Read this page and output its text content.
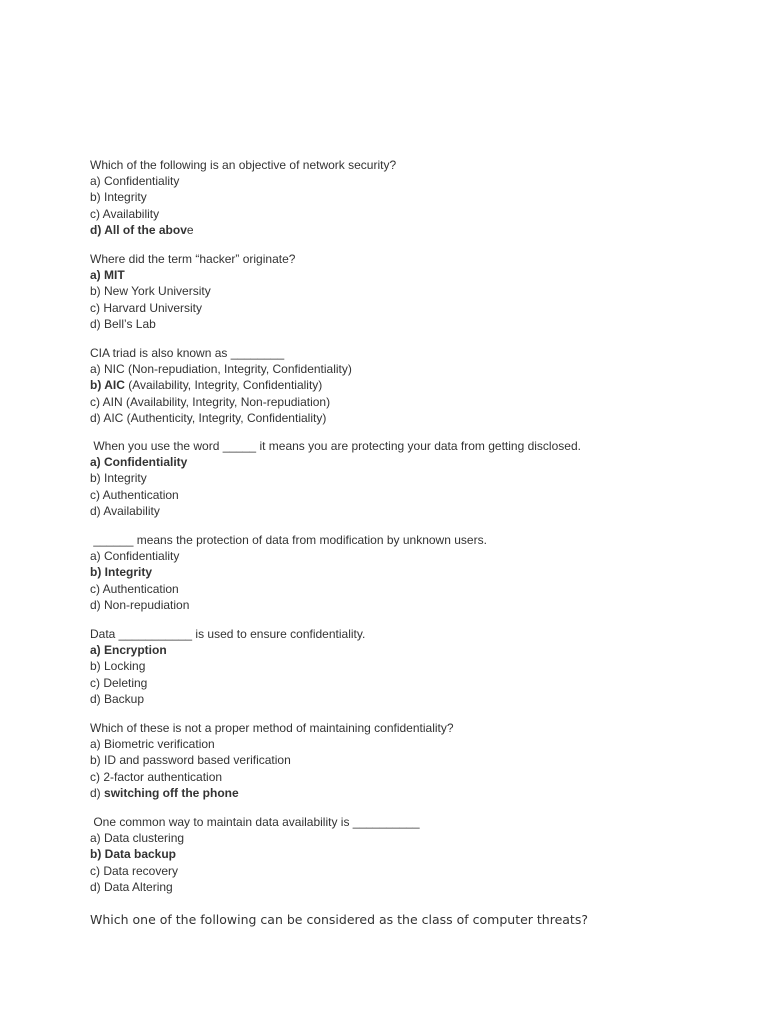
Which of the following is an objective of network security?
a) Confidentiality
b) Integrity
c) Availability
d) All of the above
Where did the term “hacker” originate?
a) MIT
b) New York University
c) Harvard University
d) Bell’s Lab
CIA triad is also known as ________
a) NIC (Non-repudiation, Integrity, Confidentiality)
b) AIC (Availability, Integrity, Confidentiality)
c) AIN (Availability, Integrity, Non-repudiation)
d) AIC (Authenticity, Integrity, Confidentiality)
When you use the word _____ it means you are protecting your data from getting disclosed.
a) Confidentiality
b) Integrity
c) Authentication
d) Availability
______ means the protection of data from modification by unknown users.
a) Confidentiality
b) Integrity
c) Authentication
d) Non-repudiation
Data ___________ is used to ensure confidentiality.
a) Encryption
b) Locking
c) Deleting
d) Backup
Which of these is not a proper method of maintaining confidentiality?
a) Biometric verification
b) ID and password based verification
c) 2-factor authentication
d) switching off the phone
One common way to maintain data availability is __________
a) Data clustering
b) Data backup
c) Data recovery
d) Data Altering
Which one of the following can be considered as the class of computer threats?
